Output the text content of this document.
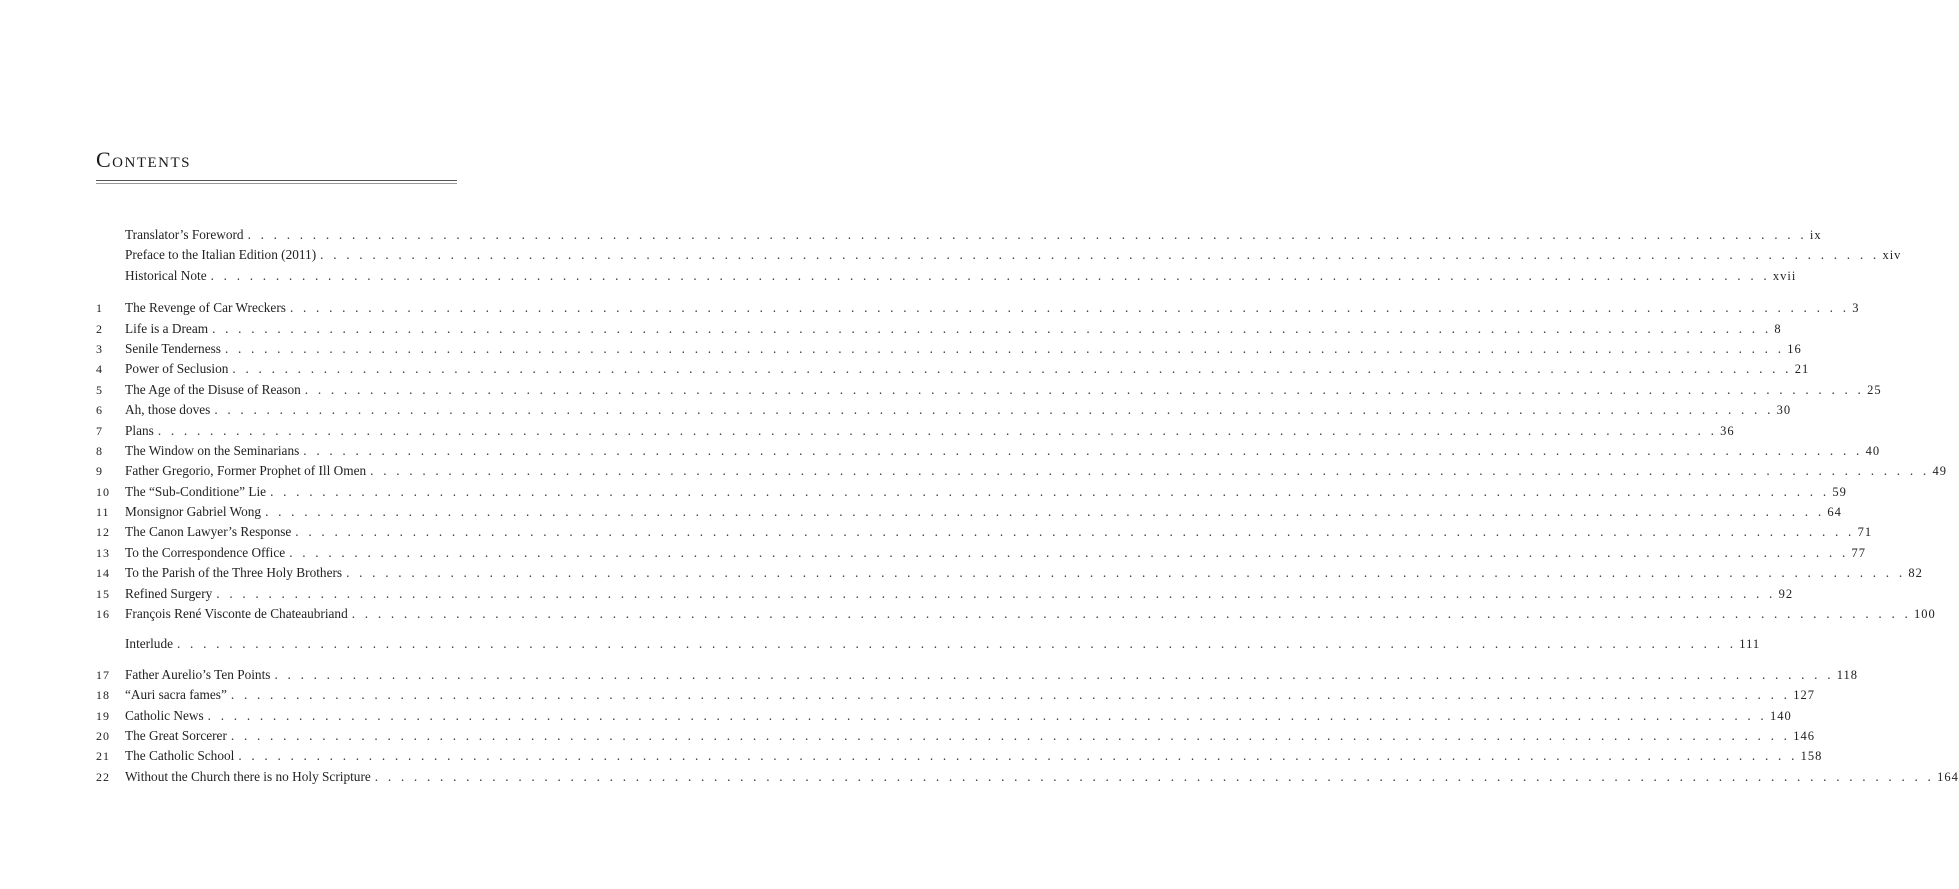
Contents
Translator’s Foreword . . . . . . . . . . . . . . . . . . . . . . . . . . . . . . . . . . . . . . . . . . . . . . . . . . . . . . . . . . . . . . . . . . . . . . . . . . . . . . . . . . . . . . . . . . . . . . . . . . . . . . . . . . . . . . . . . . . . . . . . ix
Preface to the Italian Edition (2011) . . . . . . . . . . . . . . . . . . . . . . . . . . . . . . . . . . . . . . . . . . . . . . . . . . . . . . . . . . . . . . . . . . . . . . . . . . . . . . . . . . . . . . . . . . . . . . . . . . . . . . . . . . . . . . . . . . . . . . . . xiv
Historical Note . . . . . . . . . . . . . . . . . . . . . . . . . . . . . . . . . . . . . . . . . . . . . . . . . . . . . . . . . . . . . . . . . . . . . . . . . . . . . . . . . . . . . . . . . . . . . . . . . . . . . . . . . . . . . . . . . . . . . . . . xvii
1	The Revenge of Car Wreckers . . . . . . . . . . . . . . . . . . . . . . . . . . . . . . . . . . . . . . . . . . . . . . . . . . . . . . . . . . . . . . . . . . . . . . . . . . . . . . . . . . . . . . . . . . . . . . . . . . . . . . . . . . . . . . . . . . . . . . . . 3
2	Life is a Dream . . . . . . . . . . . . . . . . . . . . . . . . . . . . . . . . . . . . . . . . . . . . . . . . . . . . . . . . . . . . . . . . . . . . . . . . . . . . . . . . . . . . . . . . . . . . . . . . . . . . . . . . . . . . . . . . . . . . . . . . 8
3	Senile Tenderness . . . . . . . . . . . . . . . . . . . . . . . . . . . . . . . . . . . . . . . . . . . . . . . . . . . . . . . . . . . . . . . . . . . . . . . . . . . . . . . . . . . . . . . . . . . . . . . . . . . . . . . . . . . . . . . . . . . . . . . . 16
4	Power of Seclusion . . . . . . . . . . . . . . . . . . . . . . . . . . . . . . . . . . . . . . . . . . . . . . . . . . . . . . . . . . . . . . . . . . . . . . . . . . . . . . . . . . . . . . . . . . . . . . . . . . . . . . . . . . . . . . . . . . . . . . . . 21
5	The Age of the Disuse of Reason . . . . . . . . . . . . . . . . . . . . . . . . . . . . . . . . . . . . . . . . . . . . . . . . . . . . . . . . . . . . . . . . . . . . . . . . . . . . . . . . . . . . . . . . . . . . . . . . . . . . . . . . . . . . . . . . . . . . . . . . 25
6	Ah, those doves . . . . . . . . . . . . . . . . . . . . . . . . . . . . . . . . . . . . . . . . . . . . . . . . . . . . . . . . . . . . . . . . . . . . . . . . . . . . . . . . . . . . . . . . . . . . . . . . . . . . . . . . . . . . . . . . . . . . . . . . 30
7	Plans . . . . . . . . . . . . . . . . . . . . . . . . . . . . . . . . . . . . . . . . . . . . . . . . . . . . . . . . . . . . . . . . . . . . . . . . . . . . . . . . . . . . . . . . . . . . . . . . . . . . . . . . . . . . . . . . . . . . . . . . 36
8	The Window on the Seminarians . . . . . . . . . . . . . . . . . . . . . . . . . . . . . . . . . . . . . . . . . . . . . . . . . . . . . . . . . . . . . . . . . . . . . . . . . . . . . . . . . . . . . . . . . . . . . . . . . . . . . . . . . . . . . . . . . . . . . . . . 40
9	Father Gregorio, Former Prophet of Ill Omen . . . . . . . . . . . . . . . . . . . . . . . . . . . . . . . . . . . . . . . . . . . . . . . . . . . . . . . . . . . . . . . . . . . . . . . . . . . . . . . . . . . . . . . . . . . . . . . . . . . . . . . . . . . . . . . . . . . . . . . . 49
10	The “Sub-Conditione” Lie . . . . . . . . . . . . . . . . . . . . . . . . . . . . . . . . . . . . . . . . . . . . . . . . . . . . . . . . . . . . . . . . . . . . . . . . . . . . . . . . . . . . . . . . . . . . . . . . . . . . . . . . . . . . . . . . . . . . . . . . 59
11	Monsignor Gabriel Wong . . . . . . . . . . . . . . . . . . . . . . . . . . . . . . . . . . . . . . . . . . . . . . . . . . . . . . . . . . . . . . . . . . . . . . . . . . . . . . . . . . . . . . . . . . . . . . . . . . . . . . . . . . . . . . . . . . . . . . . . 64
12	The Canon Lawyer’s Response . . . . . . . . . . . . . . . . . . . . . . . . . . . . . . . . . . . . . . . . . . . . . . . . . . . . . . . . . . . . . . . . . . . . . . . . . . . . . . . . . . . . . . . . . . . . . . . . . . . . . . . . . . . . . . . . . . . . . . . . 71
13	To the Correspondence Office . . . . . . . . . . . . . . . . . . . . . . . . . . . . . . . . . . . . . . . . . . . . . . . . . . . . . . . . . . . . . . . . . . . . . . . . . . . . . . . . . . . . . . . . . . . . . . . . . . . . . . . . . . . . . . . . . . . . . . . . 77
14	To the Parish of the Three Holy Brothers . . . . . . . . . . . . . . . . . . . . . . . . . . . . . . . . . . . . . . . . . . . . . . . . . . . . . . . . . . . . . . . . . . . . . . . . . . . . . . . . . . . . . . . . . . . . . . . . . . . . . . . . . . . . . . . . . . . . . . . . 82
15	Refined Surgery . . . . . . . . . . . . . . . . . . . . . . . . . . . . . . . . . . . . . . . . . . . . . . . . . . . . . . . . . . . . . . . . . . . . . . . . . . . . . . . . . . . . . . . . . . . . . . . . . . . . . . . . . . . . . . . . . . . . . . . . 92
16	François René Visconte de Chateaubriand . . . . . . . . . . . . . . . . . . . . . . . . . . . . . . . . . . . . . . . . . . . . . . . . . . . . . . . . . . . . . . . . . . . . . . . . . . . . . . . . . . . . . . . . . . . . . . . . . . . . . . . . . . . . . . . . . . . . . . . . 100
Interlude . . . . . . . . . . . . . . . . . . . . . . . . . . . . . . . . . . . . . . . . . . . . . . . . . . . . . . . . . . . . . . . . . . . . . . . . . . . . . . . . . . . . . . . . . . . . . . . . . . . . . . . . . . . . . . . . . . . . . . . . 111
17	Father Aurelio’s Ten Points . . . . . . . . . . . . . . . . . . . . . . . . . . . . . . . . . . . . . . . . . . . . . . . . . . . . . . . . . . . . . . . . . . . . . . . . . . . . . . . . . . . . . . . . . . . . . . . . . . . . . . . . . . . . . . . . . . . . . . . . 118
18	“Auri sacra fames” . . . . . . . . . . . . . . . . . . . . . . . . . . . . . . . . . . . . . . . . . . . . . . . . . . . . . . . . . . . . . . . . . . . . . . . . . . . . . . . . . . . . . . . . . . . . . . . . . . . . . . . . . . . . . . . . . . . . . . . . 127
19	Catholic News . . . . . . . . . . . . . . . . . . . . . . . . . . . . . . . . . . . . . . . . . . . . . . . . . . . . . . . . . . . . . . . . . . . . . . . . . . . . . . . . . . . . . . . . . . . . . . . . . . . . . . . . . . . . . . . . . . . . . . . . 140
20	The Great Sorcerer . . . . . . . . . . . . . . . . . . . . . . . . . . . . . . . . . . . . . . . . . . . . . . . . . . . . . . . . . . . . . . . . . . . . . . . . . . . . . . . . . . . . . . . . . . . . . . . . . . . . . . . . . . . . . . . . . . . . . . . . 146
21	The Catholic School . . . . . . . . . . . . . . . . . . . . . . . . . . . . . . . . . . . . . . . . . . . . . . . . . . . . . . . . . . . . . . . . . . . . . . . . . . . . . . . . . . . . . . . . . . . . . . . . . . . . . . . . . . . . . . . . . . . . . . . . 158
22	Without the Church there is no Holy Scripture . . . . . . . . . . . . . . . . . . . . . . . . . . . . . . . . . . . . . . . . . . . . . . . . . . . . . . . . . . . . . . . . . . . . . . . . . . . . . . . . . . . . . . . . . . . . . . . . . . . . . . . . . . . . . . . . . . . . . . . . 164
